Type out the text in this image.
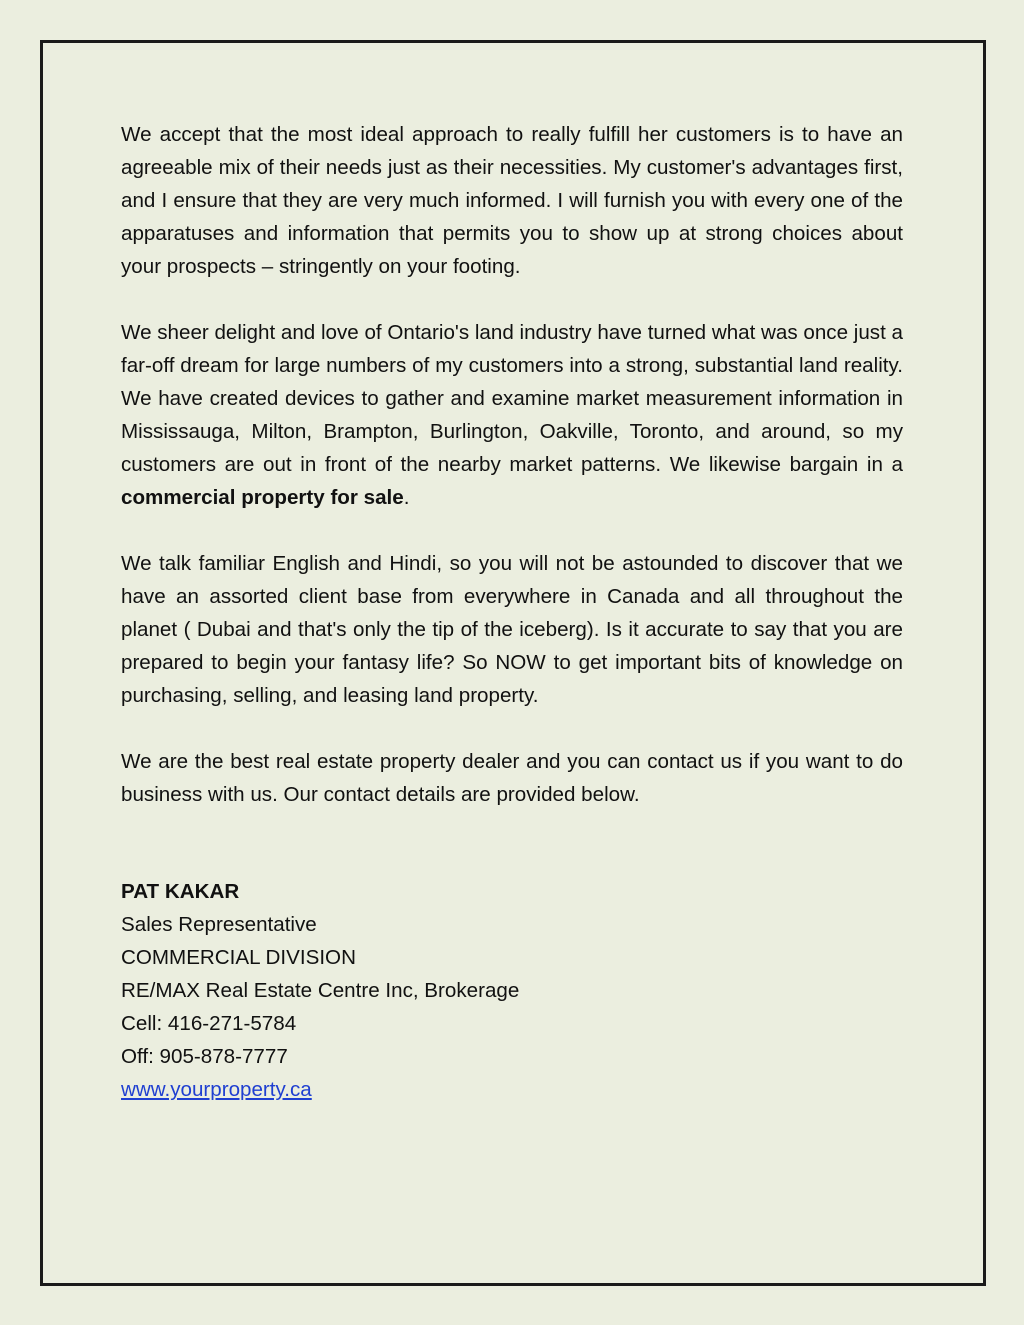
We accept that the most ideal approach to really fulfill her customers is to have an agreeable mix of their needs just as their necessities. My customer's advantages first, and I ensure that they are very much informed. I will furnish you with every one of the apparatuses and information that permits you to show up at strong choices about your prospects – stringently on your footing.

We sheer delight and love of Ontario's land industry have turned what was once just a far-off dream for large numbers of my customers into a strong, substantial land reality. We have created devices to gather and examine market measurement information in Mississauga, Milton, Brampton, Burlington, Oakville, Toronto, and around, so my customers are out in front of the nearby market patterns. We likewise bargain in a commercial property for sale.

We talk familiar English and Hindi, so you will not be astounded to discover that we have an assorted client base from everywhere in Canada and all throughout the planet ( Dubai and that's only the tip of the iceberg). Is it accurate to say that you are prepared to begin your fantasy life? So NOW to get important bits of knowledge on purchasing, selling, and leasing land property.

We are the best real estate property dealer and you can contact us if you want to do business with us. Our contact details are provided below.

PAT KAKAR
Sales Representative
COMMERCIAL DIVISION
RE/MAX Real Estate Centre Inc, Brokerage
Cell: 416-271-5784
Off: 905-878-7777
www.yourproperty.ca
